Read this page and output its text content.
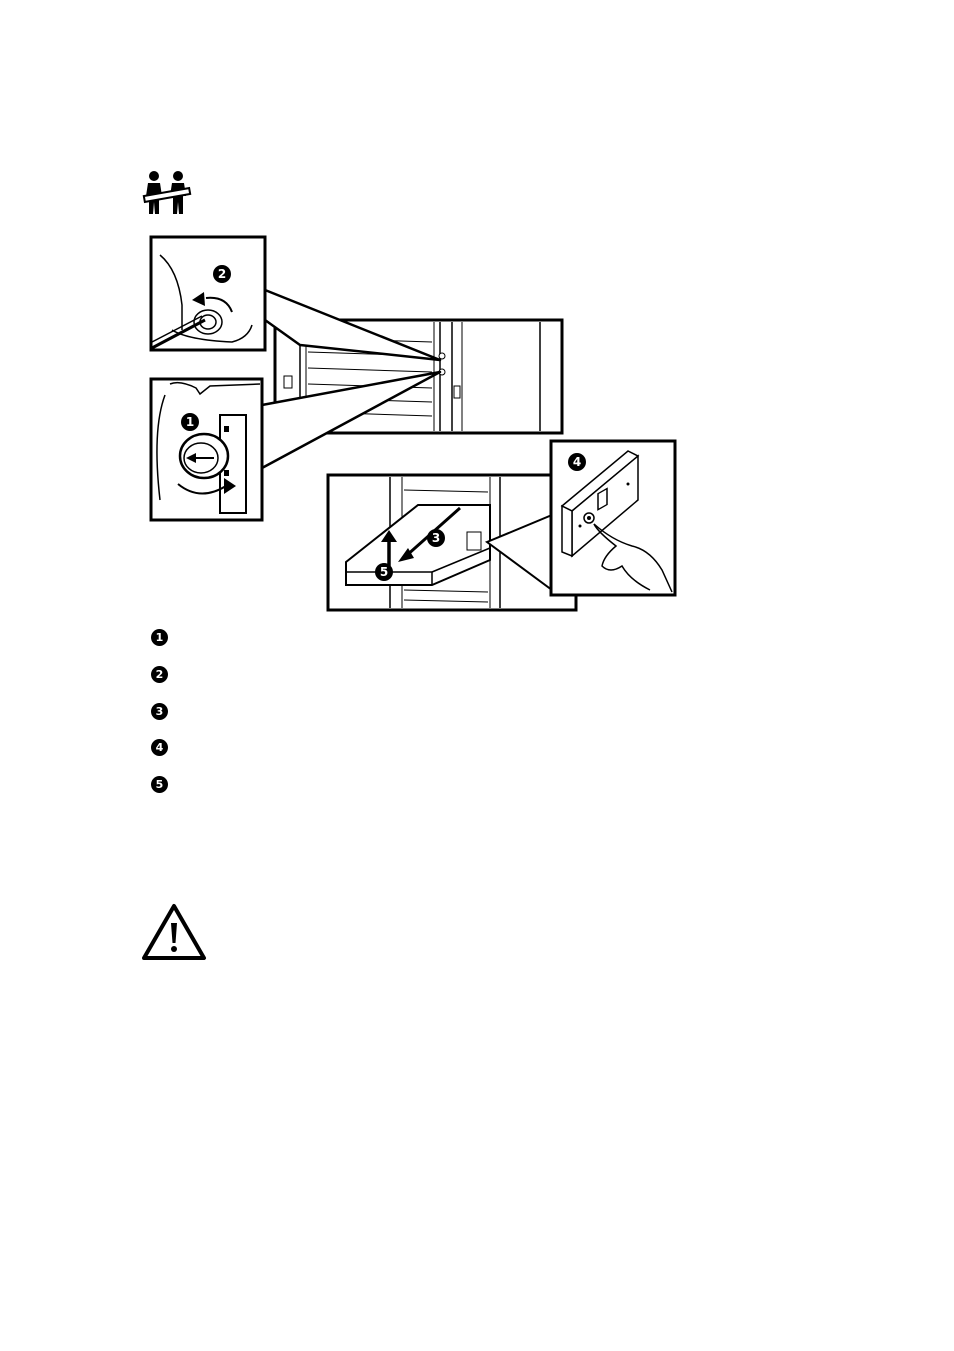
2
1
3
5
4
1
2
3
4
5
